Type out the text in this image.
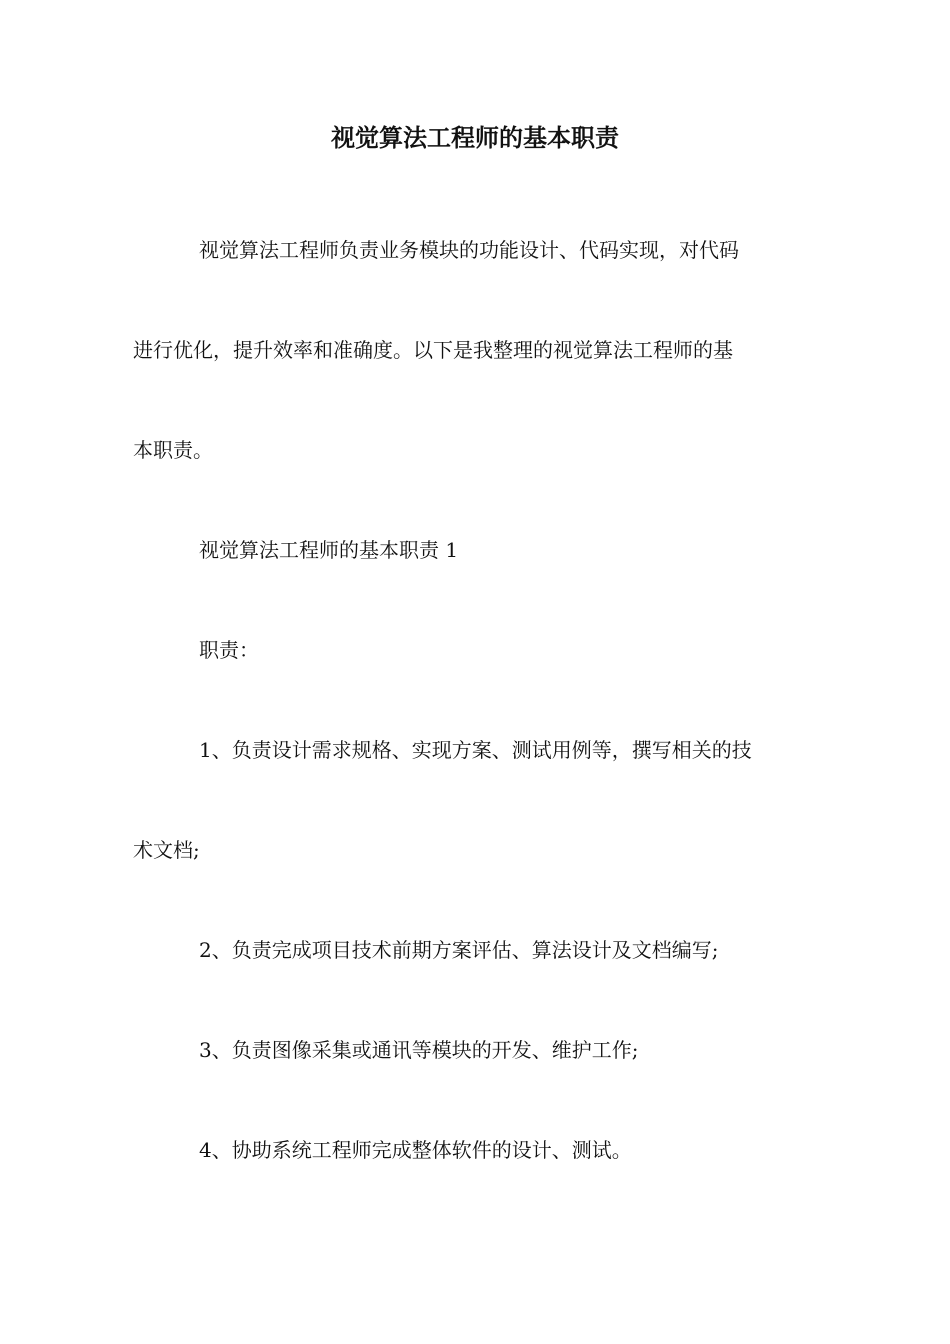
视觉算法工程师的基本职责
视觉算法工程师负责业务模块的功能设计、代码实现，对代码
进行优化，提升效率和准确度。以下是我整理的视觉算法工程师的基
本职责。
视觉算法工程师的基本职责 1
职责：
1、负责设计需求规格、实现方案、测试用例等，撰写相关的技
术文档;
2、负责完成项目技术前期方案评估、算法设计及文档编写;
3、负责图像采集或通讯等模块的开发、维护工作;
4、协助系统工程师完成整体软件的设计、测试。
